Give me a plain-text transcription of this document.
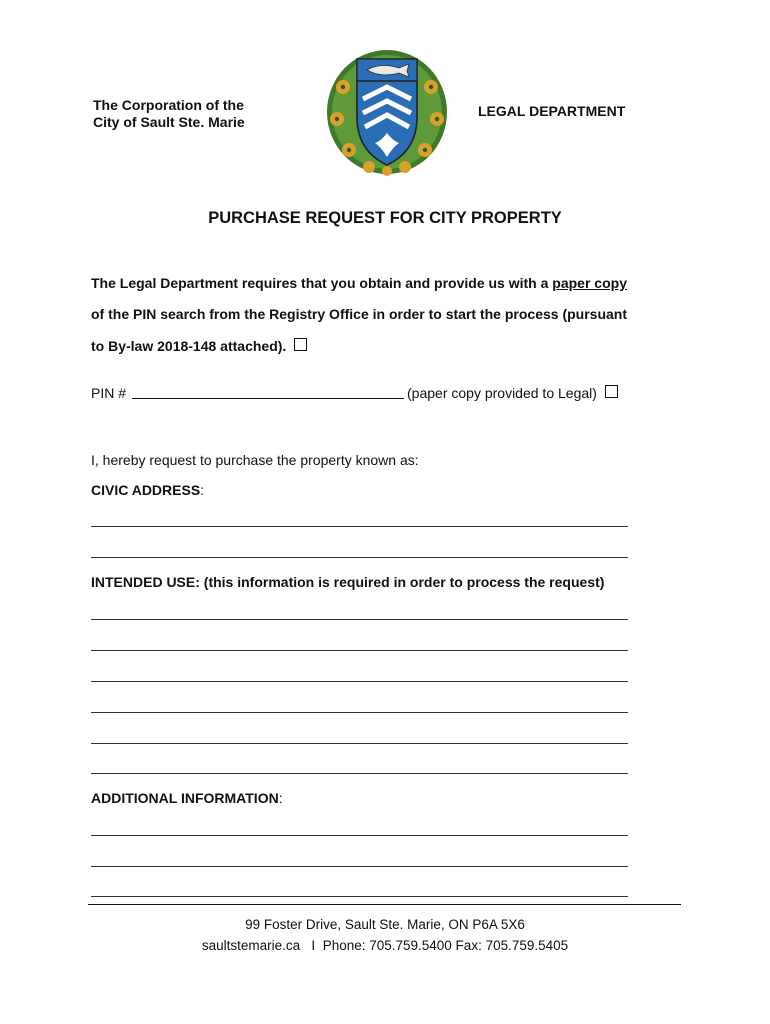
The Corporation of the
City of Sault Ste. Marie
LEGAL DEPARTMENT
PURCHASE REQUEST FOR CITY PROPERTY
The Legal Department requires that you obtain and provide us with a paper copy
of the PIN search from the Registry Office in order to start the process (pursuant
to By-law 2018-148 attached).
PIN #	(paper copy provided to Legal)
I, hereby request to purchase the property known as:
CIVIC ADDRESS:
INTENDED USE: (this information is required in order to process the request)
ADDITIONAL INFORMATION:
99 Foster Drive, Sault Ste. Marie, ON P6A 5X6
saultstemarie.ca I Phone: 705.759.5400 Fax: 705.759.5405
